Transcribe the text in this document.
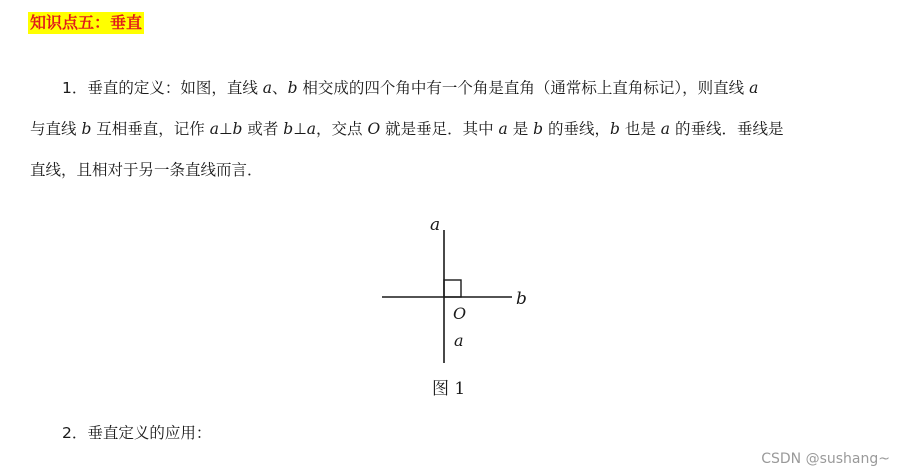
知识点五：垂直
1．垂直的定义：如图，直线 a、b 相交成的四个角中有一个角是直角（通常标上直角标记），则直线 a
与直线 b 互相垂直，记作 a⊥b 或者 b⊥a，交点 O 就是垂足．其中 a 是 b 的垂线，b 也是 a 的垂线．垂线是
直线，且相对于另一条直线而言．
a
b
O
a
图 1
2．垂直定义的应用：
CSDN @sushang~
